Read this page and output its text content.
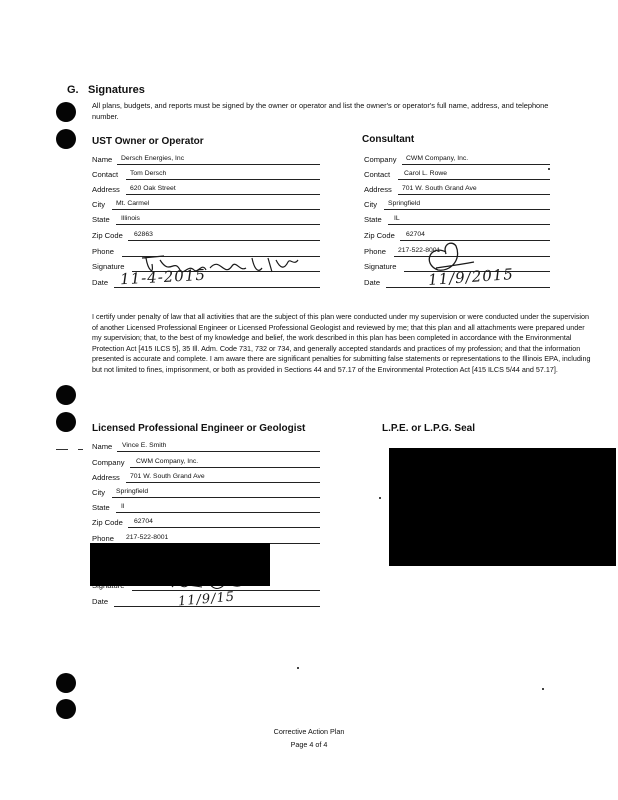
G. Signatures
All plans, budgets, and reports must be signed by the owner or operator and list the owner's or operator's full name, address, and telephone number.
UST Owner or Operator
Name Dersch Energies, Inc
Contact Tom Dersch
Address 620 Oak Street
City Mt. Carmel
State Illinois
Zip Code 62863
Phone
Signature
Date 11-4-2015
Consultant
Company CWM Company, Inc.
Contact Carol L. Rowe
Address 701 W. South Grand Ave
City Springfield
State IL
Zip Code 62704
Phone 217-522-8001
Signature
Date	11/9/2015
I certify under penalty of law that all activities that are the subject of this plan were conducted under my supervision or were conducted under the supervision of another Licensed Professional Engineer or Licensed Professional Geologist and reviewed by me; that this plan and all attachments were prepared under my supervision; that, to the best of my knowledge and belief, the work described in this plan has been completed in accordance with the Environmental Protection Act [415 ILCS 5], 35 Ill. Adm. Code 731, 732 or 734, and generally accepted standards and practices of my profession; and that the information presented is accurate and complete. I am aware there are significant penalties for submitting false statements or representations to the Illinois EPA, including but not limited to fines, imprisonment, or both as provided in Sections 44 and 57.17 of the Environmental Protection Act [415 ILCS 5/44 and 57.17].
Licensed Professional Engineer or Geologist	L.P.E. or L.P.G. Seal
Name Vince E. Smith
Company CWM Company, Inc.
Address 701 W. South Grand Ave
City Springfield
State Il
Zip Code 62704
Phone 217-522-8001
Date	11/9/15
Corrective Action Plan
Page 4 of 4
